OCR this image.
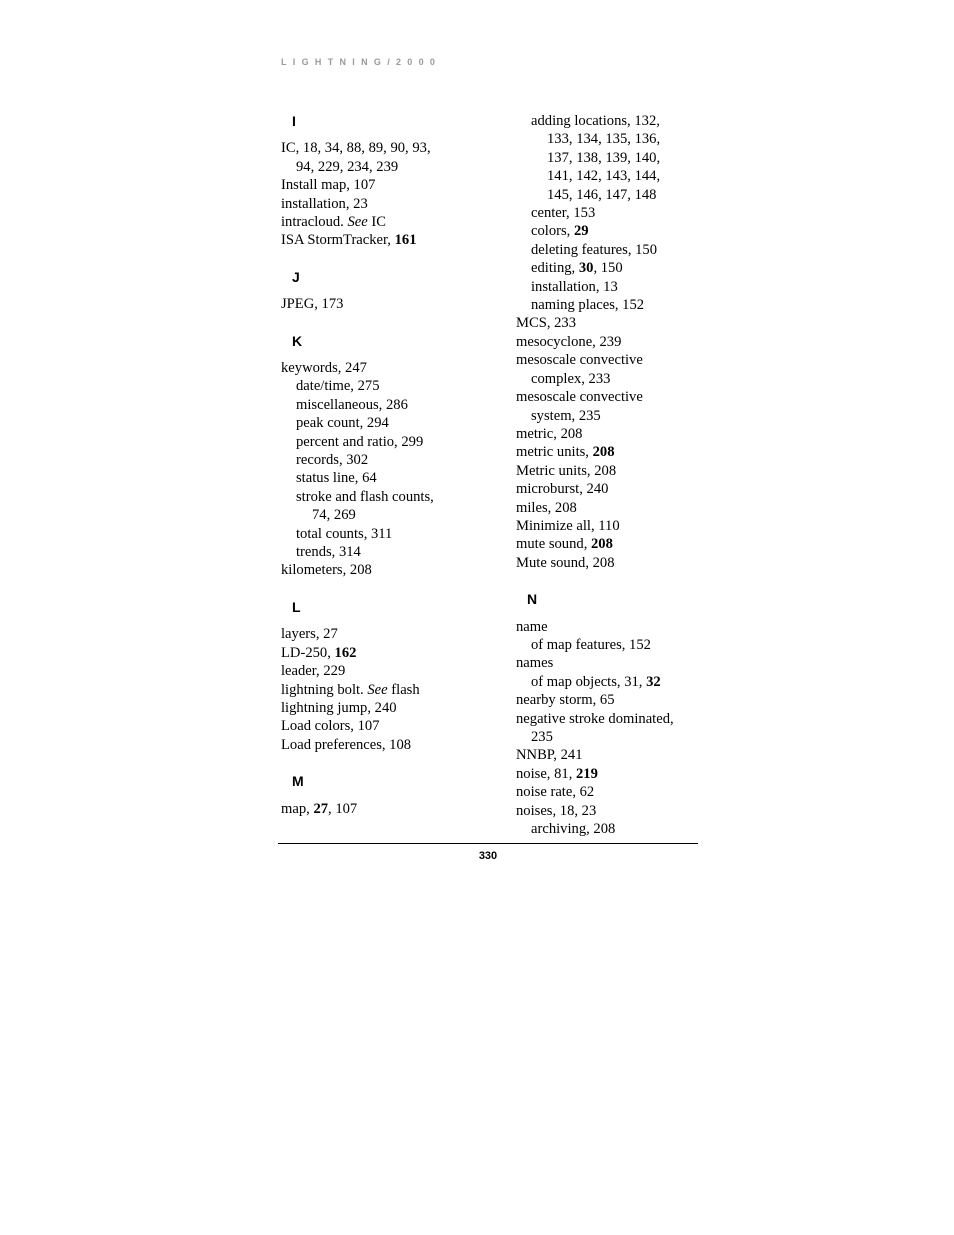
LIGHTNING/2000
I
IC, 18, 34, 88, 89, 90, 93,
94, 229, 234, 239
Install map, 107
installation, 23
intracloud. See IC
ISA StormTracker, 161
J
JPEG, 173
K
keywords, 247
date/time, 275
miscellaneous, 286
peak count, 294
percent and ratio, 299
records, 302
status line, 64
stroke and flash counts,
74, 269
total counts, 311
trends, 314
kilometers, 208
L
layers, 27
LD-250, 162
leader, 229
lightning bolt. See flash
lightning jump, 240
Load colors, 107
Load preferences, 108
M
map, 27, 107
adding locations, 132,
133, 134, 135, 136,
137, 138, 139, 140,
141, 142, 143, 144,
145, 146, 147, 148
center, 153
colors, 29
deleting features, 150
editing, 30, 150
installation, 13
naming places, 152
MCS, 233
mesocyclone, 239
mesoscale convective
complex, 233
mesoscale convective
system, 235
metric, 208
metric units, 208
Metric units, 208
microburst, 240
miles, 208
Minimize all, 110
mute sound, 208
Mute sound, 208
N
name
of map features, 152
names
of map objects, 31, 32
nearby storm, 65
negative stroke dominated,
235
NNBP, 241
noise, 81, 219
noise rate, 62
noises, 18, 23
archiving, 208
330
